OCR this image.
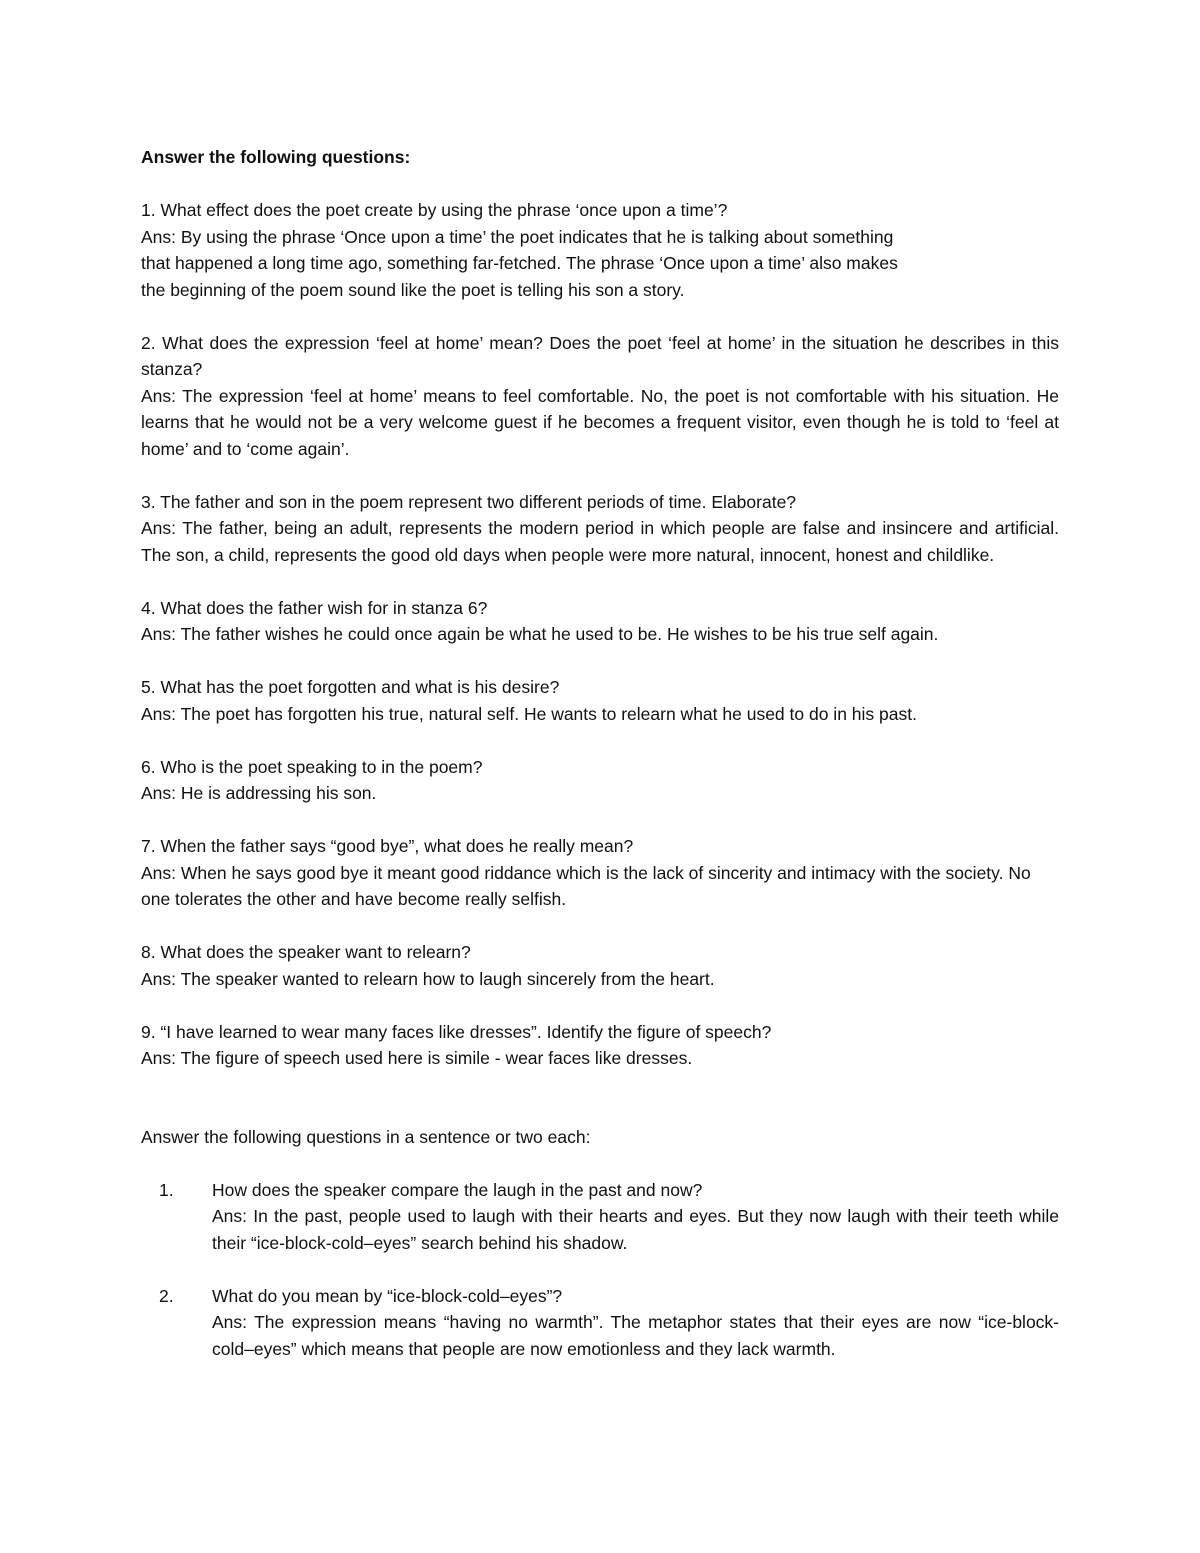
Answer the following questions:

1. What effect does the poet create by using the phrase ‘once upon a time’?

Ans: By using the phrase ‘Once upon a time’ the poet indicates that he is talking about something
that happened a long time ago, something far-fetched. The phrase ‘Once upon a time’ also makes
the beginning of the poem sound like the poet is telling his son a story.

2. What does the expression ‘feel at home’ mean? Does the poet ‘feel at home’ in the situation he describes in this stanza?

Ans: The expression ‘feel at home’ means to feel comfortable. No, the poet is not comfortable with his situation. He learns that he would not be a very welcome guest if he becomes a frequent visitor, even though he is told to ‘feel at home’ and to ‘come again’.

3. The father and son in the poem represent two different periods of time. Elaborate?

Ans: The father, being an adult, represents the modern period in which people are false and insincere and artificial. The son, a child, represents the good old days when people were more natural, innocent, honest and childlike.

4. What does the father wish for in stanza 6?

Ans: The father wishes he could once again be what he used to be. He wishes to be his true self again.

5. What has the poet forgotten and what is his desire?

Ans: The poet has forgotten his true, natural self. He wants to relearn what he used to do in his past.

6. Who is the poet speaking to in the poem?

Ans: He is addressing his son.

7. When the father says “good bye”, what does he really mean?

Ans: When he says good bye it meant good riddance which is the lack of sincerity and intimacy with the society. No one tolerates the other and have become really selfish.

8. What does the speaker want to relearn?

Ans: The speaker wanted to relearn how to laugh sincerely from the heart.

9. “I have learned to wear many faces like dresses”. Identify the figure of speech?

Ans: The figure of speech used here is simile - wear faces like dresses.

Answer the following questions in a sentence or two each:

1. How does the speaker compare the laugh in the past and now?

Ans: In the past, people used to laugh with their hearts and eyes. But they now laugh with their teeth while their “ice-block-cold–eyes” search behind his shadow.

2. What do you mean by “ice-block-cold–eyes”?

Ans: The expression means “having no warmth”. The metaphor states that their eyes are now “ice-block-cold–eyes” which means that people are now emotionless and they lack warmth.
